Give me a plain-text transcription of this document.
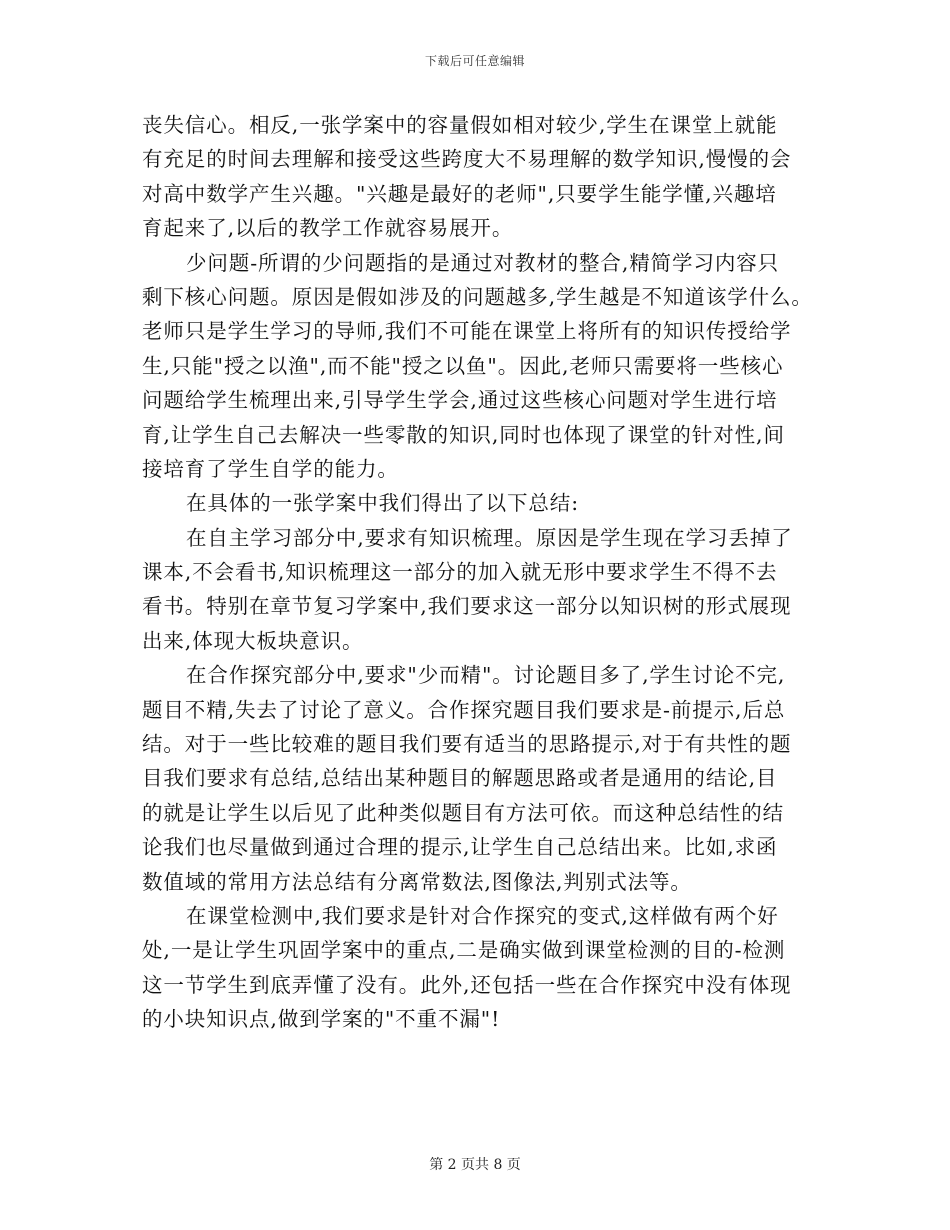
下载后可任意编辑
丧失信心。相反,一张学案中的容量假如相对较少,学生在课堂上就能
有充足的时间去理解和接受这些跨度大不易理解的数学知识,慢慢的会
对高中数学产生兴趣。"兴趣是最好的老师",只要学生能学懂,兴趣培
育起来了,以后的教学工作就容易展开。
少问题-所谓的少问题指的是通过对教材的整合,精简学习内容只
剩下核心问题。原因是假如涉及的问题越多,学生越是不知道该学什么。
老师只是学生学习的导师,我们不可能在课堂上将所有的知识传授给学
生,只能"授之以渔",而不能"授之以鱼"。因此,老师只需要将一些核心
问题给学生梳理出来,引导学生学会,通过这些核心问题对学生进行培
育,让学生自己去解决一些零散的知识,同时也体现了课堂的针对性,间
接培育了学生自学的能力。
在具体的一张学案中我们得出了以下总结:
在自主学习部分中,要求有知识梳理。原因是学生现在学习丢掉了
课本,不会看书,知识梳理这一部分的加入就无形中要求学生不得不去
看书。特别在章节复习学案中,我们要求这一部分以知识树的形式展现
出来,体现大板块意识。
在合作探究部分中,要求"少而精"。讨论题目多了,学生讨论不完,
题目不精,失去了讨论了意义。合作探究题目我们要求是-前提示,后总
结。对于一些比较难的题目我们要有适当的思路提示,对于有共性的题
目我们要求有总结,总结出某种题目的解题思路或者是通用的结论,目
的就是让学生以后见了此种类似题目有方法可依。而这种总结性的结
论我们也尽量做到通过合理的提示,让学生自己总结出来。比如,求函
数值域的常用方法总结有分离常数法,图像法,判别式法等。
在课堂检测中,我们要求是针对合作探究的变式,这样做有两个好
处,一是让学生巩固学案中的重点,二是确实做到课堂检测的目的-检测
这一节学生到底弄懂了没有。此外,还包括一些在合作探究中没有体现
的小块知识点,做到学案的"不重不漏"!
第 2 页共 8 页
